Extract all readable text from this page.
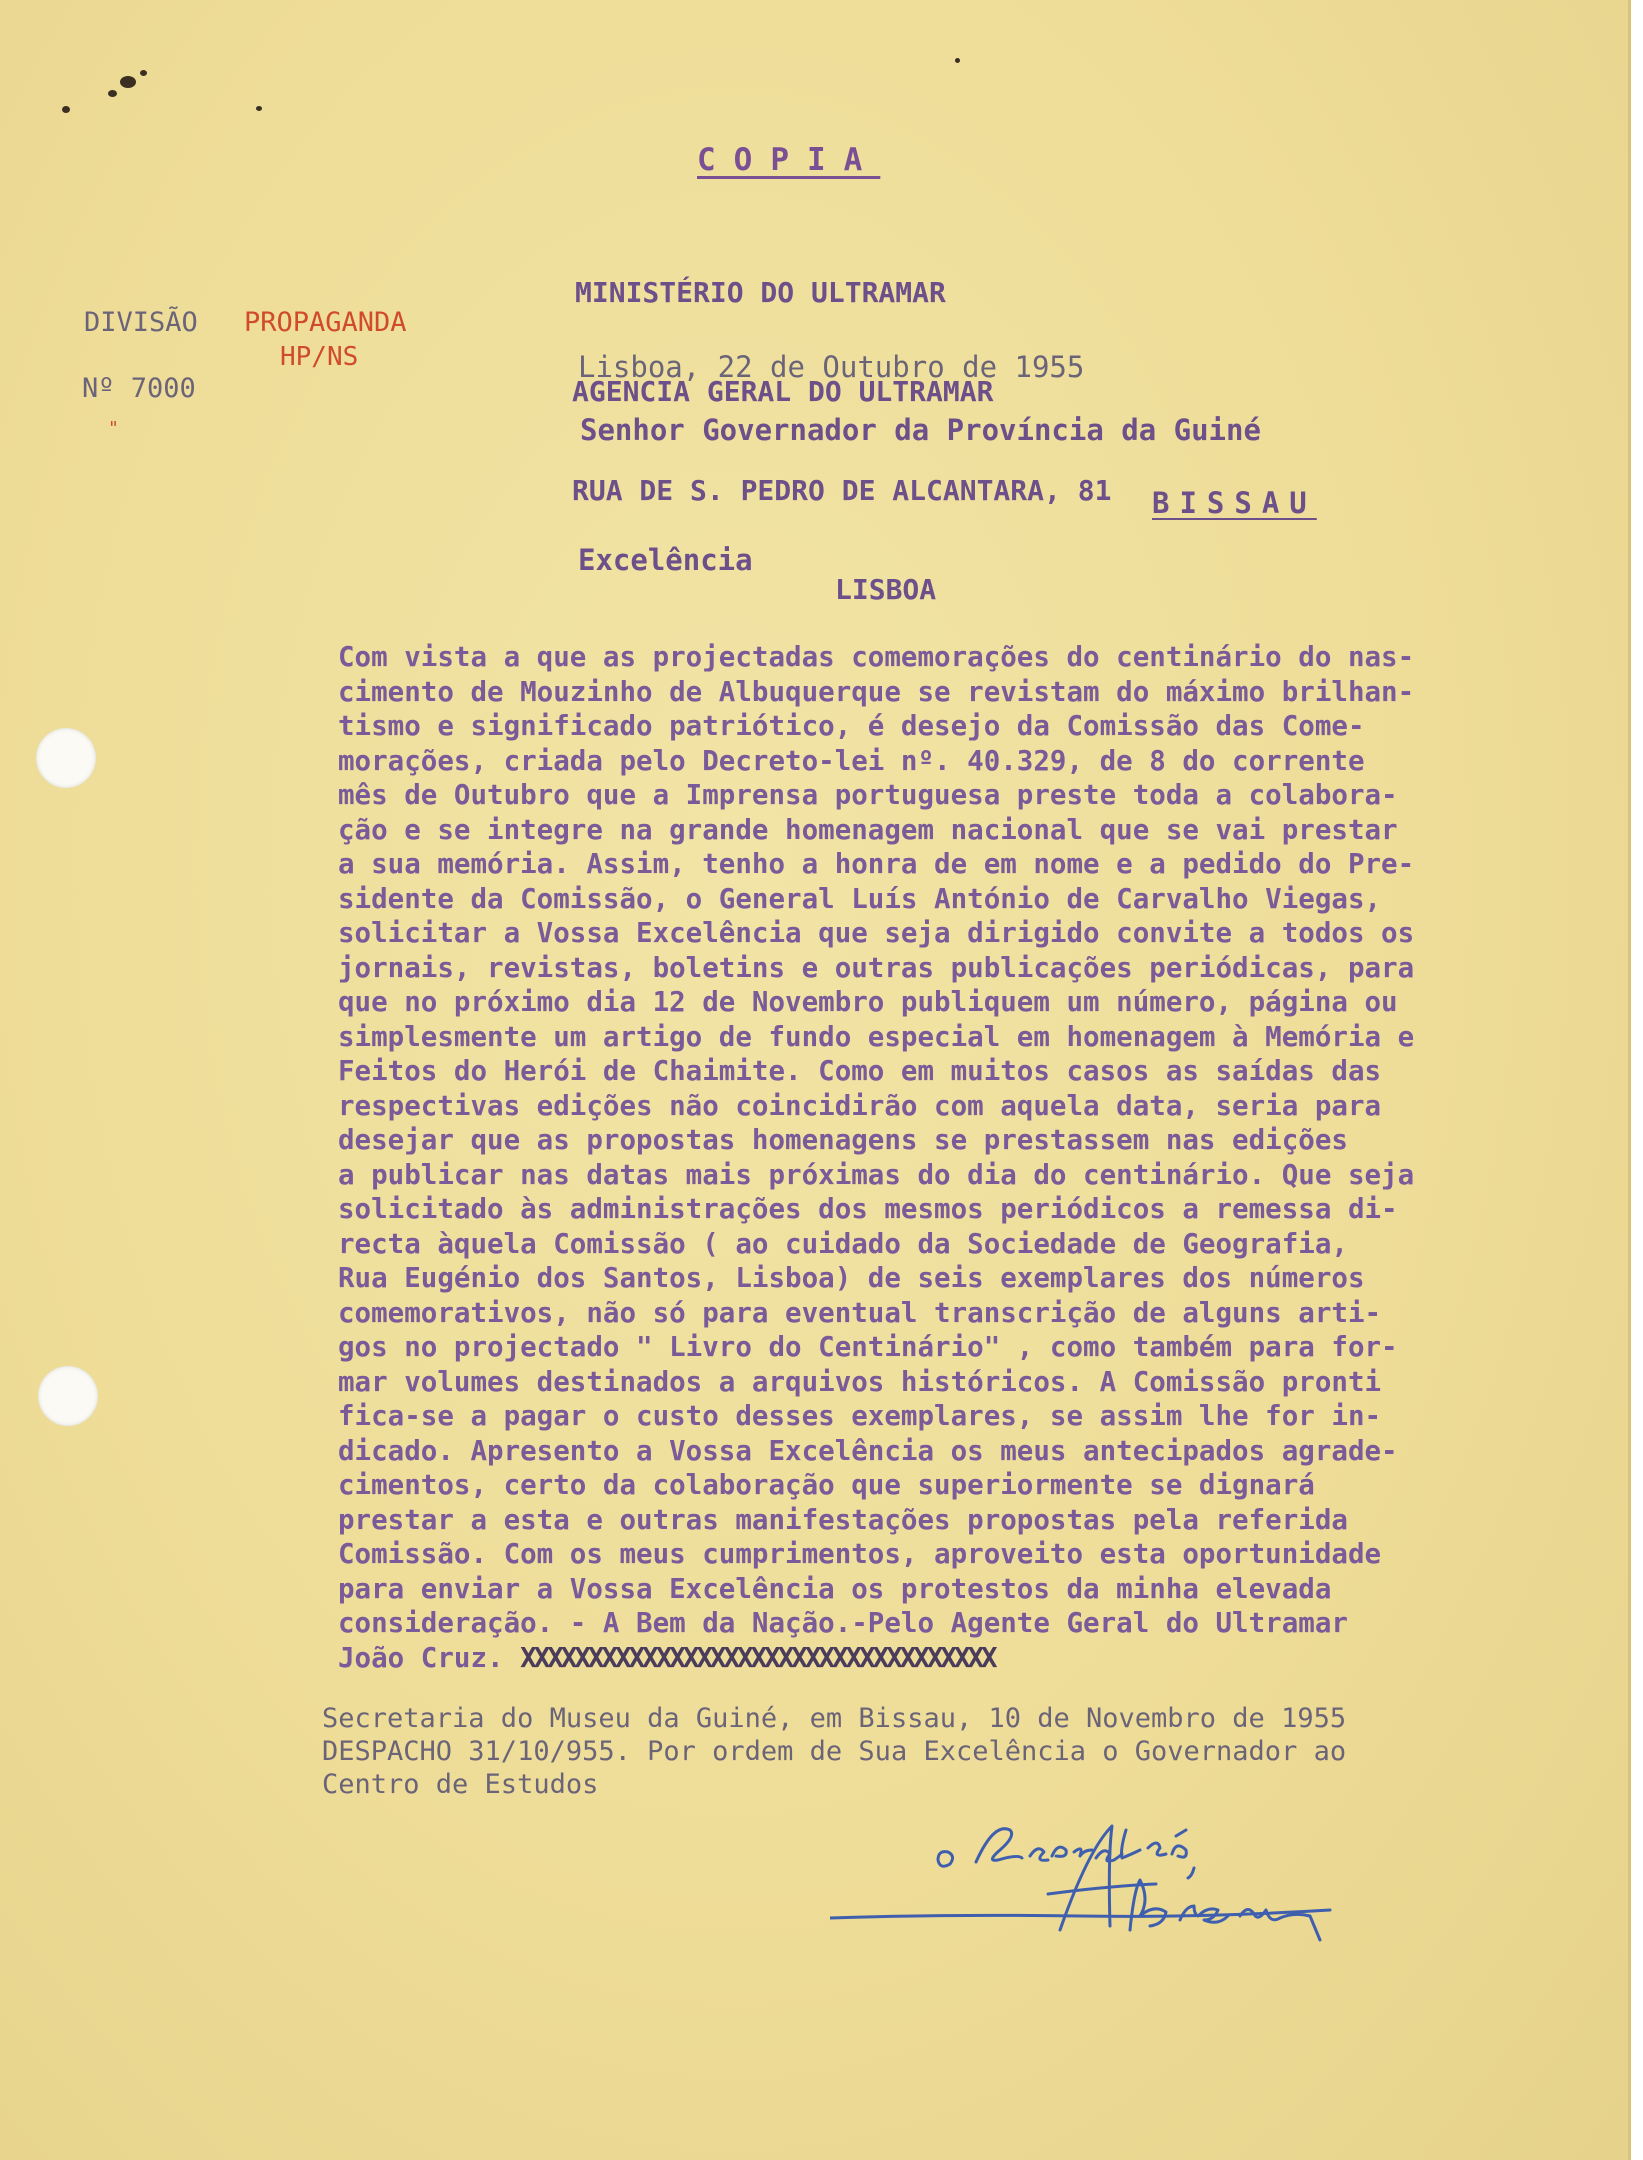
COPIA

MINISTÉRIO DO ULTRAMAR

AGENCIA GERAL DO ULTRAMAR

RUA DE S. PEDRO DE ALCANTARA, 81

LISBOA

DIVISÃO PROPAGANDA

HP/NS

Nº 7000

"

Lisboa, 22 de Outubro de 1955

Senhor Governador da Província da Guiné

BISSAU

Excelência

Com vista a que as projectadas comemorações do centinário do nas-

cimento de Mouzinho de Albuquerque se revistam do máximo brilhan-

tismo e significado patriótico, é desejo da Comissão das Come-

morações, criada pelo Decreto-lei nº. 40.329, de 8 do corrente

mês de Outubro que a Imprensa portuguesa preste toda a colabora-

ção e se integre na grande homenagem nacional que se vai prestar

a sua memória. Assim, tenho a honra de em nome e a pedido do Pre-

sidente da Comissão, o General Luís António de Carvalho Viegas,

solicitar a Vossa Excelência que seja dirigido convite a todos os

jornais, revistas, boletins e outras publicações periódicas, para

que no próximo dia 12 de Novembro publiquem um número, página ou

simplesmente um artigo de fundo especial em homenagem à Memória e

Feitos do Herói de Chaimite. Como em muitos casos as saídas das

respectivas edições não coincidirão com aquela data, seria para

desejar que as propostas homenagens se prestassem nas edições

a publicar nas datas mais próximas do dia do centinário. Que seja

solicitado às administrações dos mesmos periódicos a remessa di-

recta àquela Comissão ( ao cuidado da Sociedade de Geografia,

Rua Eugénio dos Santos, Lisboa) de seis exemplares dos números

comemorativos, não só para eventual transcrição de alguns arti-

gos no projectado " Livro do Centinário" , como também para for-

mar volumes destinados a arquivos históricos. A Comissão pronti

fica-se a pagar o custo desses exemplares, se assim lhe for in-

dicado. Apresento a Vossa Excelência os meus antecipados agrade-

cimentos, certo da colaboração que superiormente se dignará

prestar a esta e outras manifestações propostas pela referida

Comissão. Com os meus cumprimentos, aproveito esta oportunidade

para enviar a Vossa Excelência os protestos da minha elevada

consideração. - A Bem da Nação.-Pelo Agente Geral do Ultramar

João Cruz. XXXXXXXXXXXXXXXXXXXXXXXXXXXXXXXXXXX

Secretaria do Museu da Guiné, em Bissau, 10 de Novembro de 1955

DESPACHO 31/10/955. Por ordem de Sua Excelência o Governador ao

Centro de Estudos
